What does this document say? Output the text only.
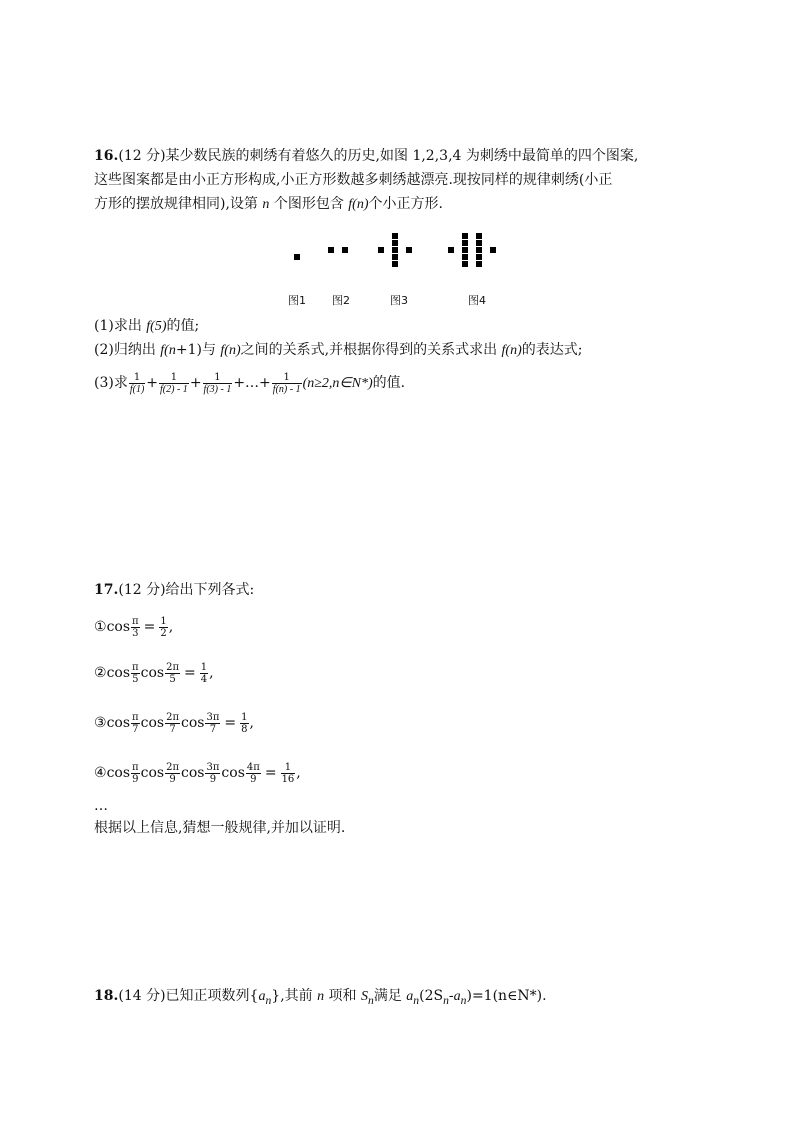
16.(12 分)某少数民族的刺绣有着悠久的历史,如图 1,2,3,4 为刺绣中最简单的四个图案,
这些图案都是由小正方形构成,小正方形数越多刺绣越漂亮.现按同样的规律刺绣(小正
方形的摆放规律相同),设第 n 个图形包含 f(n)个小正方形.
图1 图2	图3	图4
(1)求出 f(5)的值;
(2)归纳出 f(n+1)与 f(n)之间的关系式,并根据你得到的关系式求出 f(n)的表达式;
(3)求 $\frac{1}{f(1)} + \frac{1}{f(2) - 1} + \frac{1}{f(3) - 1}$ +…+ $\frac{1}{f(n) - 1}$ (n≥2,n∈N*)的值.
17.(12 分)给出下列各式:
①cos $\frac{\pi}{3} = \frac{1}{2}$ ,
②cos $\frac{\pi}{5}$ $\cos \frac{2\pi}{5} = \frac{1}{4}$ ,
③cos $\frac{\pi}{7}$ $\cos \frac{2\pi}{7}$ $\cos \frac{3\pi}{7} = \frac{1}{8}$ ,
④cos $\frac{\pi}{9}$ $\cos \frac{2\pi}{9}$ $\cos \frac{3\pi}{9}$ $\cos \frac{4\pi}{9} = \frac{1}{16}$ ,
…
根据以上信息,猜想一般规律,并加以证明.
18.(14 分)已知正项数列$\{a_n\}$,其前 n 项和 $S_n$满足 $a_n(2S_n-a_n)=1(n\in N*)$.
